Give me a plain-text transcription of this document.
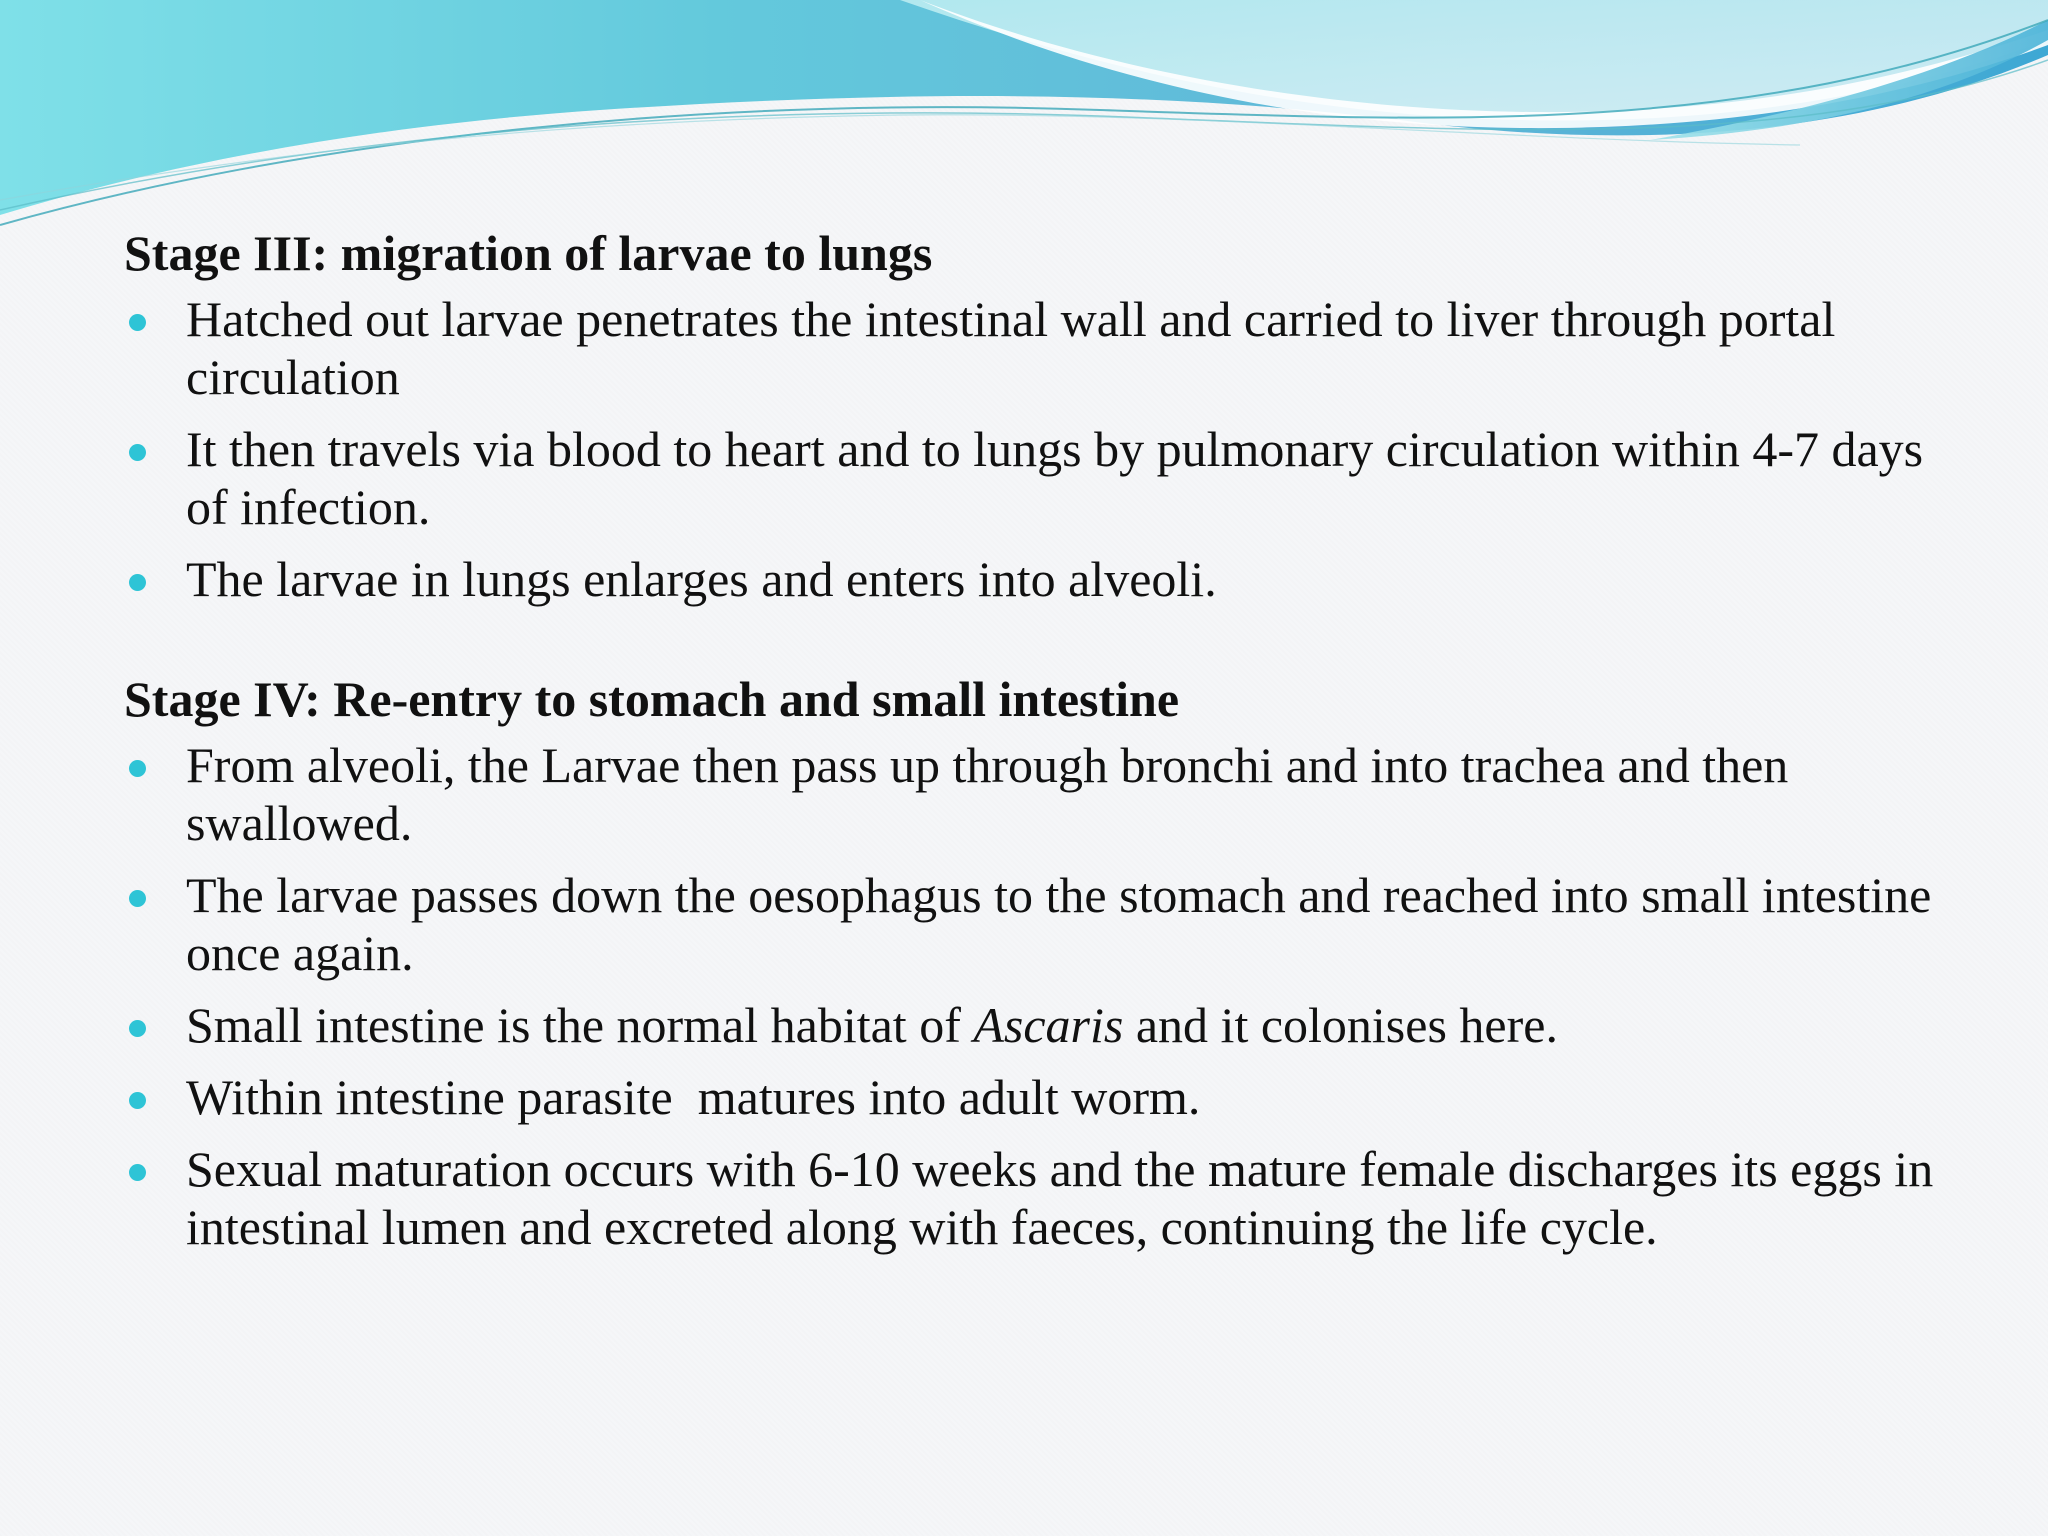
Stage III: migration of larvae to lungs
Hatched out larvae penetrates the intestinal wall and carried to liver through portal circulation
It then travels via blood to heart and to lungs by pulmonary circulation within 4-7 days of infection.
The larvae in lungs enlarges and enters into alveoli.
Stage IV: Re-entry to stomach and small intestine
From alveoli, the Larvae then pass up through bronchi and into trachea and then swallowed.
The larvae passes down the oesophagus to the stomach and reached into small intestine once again.
Small intestine is the normal habitat of Ascaris and it colonises here.
Within intestine parasite  matures into adult worm.
Sexual maturation occurs with 6-10 weeks and the mature female discharges its eggs in intestinal lumen and excreted along with faeces, continuing the life cycle.
